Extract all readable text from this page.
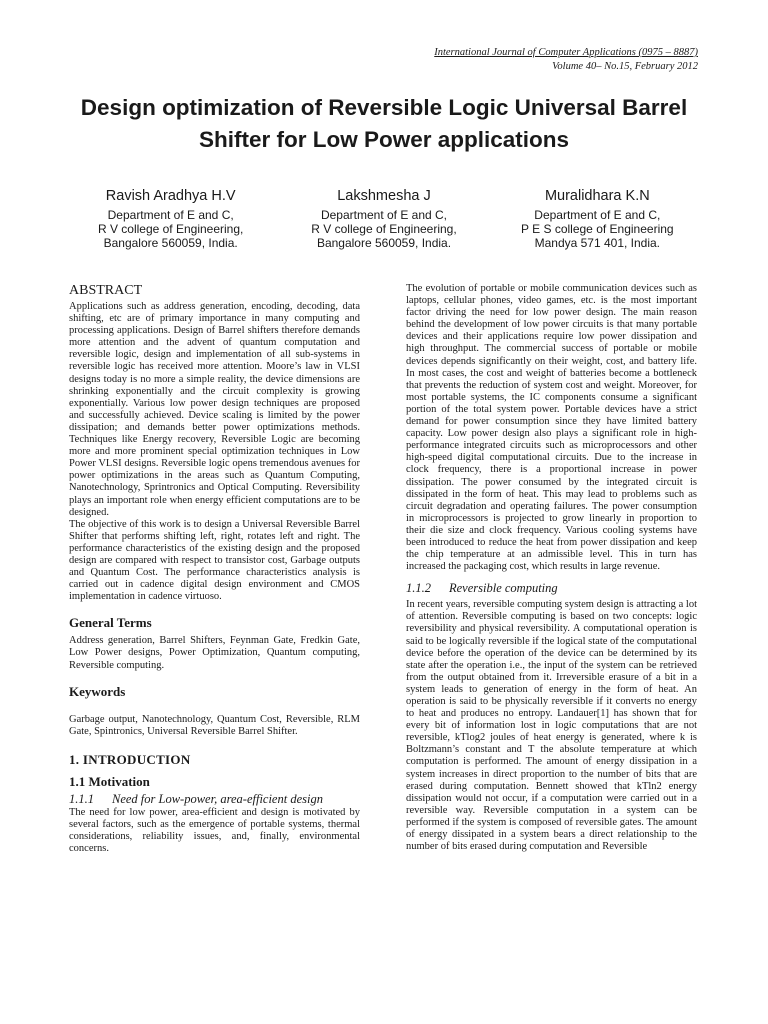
International Journal of Computer Applications (0975 – 8887)
Volume 40– No.15, February 2012
Design optimization of Reversible Logic Universal Barrel Shifter for Low Power applications
Ravish Aradhya H.V
Department of E and C,
R V college of Engineering,
Bangalore 560059, India.
Lakshmesha J
Department of E and C,
R V college of Engineering,
Bangalore 560059, India.
Muralidhara K.N
Department of E and C,
P E S college of Engineering
Mandya 571 401, India.
ABSTRACT

Applications such as address generation, encoding, decoding, data shifting, etc are of primary importance in many computing and processing applications. Design of Barrel shifters therefore demands more attention and the advent of quantum computation and reversible logic, design and implementation of all sub-systems in reversible logic has received more attention. Moore’s law in VLSI designs today is no more a simple reality, the device dimensions are shrinking exponentially and the circuit complexity is growing exponentially. Various low power design techniques are proposed and successfully achieved. Device scaling is limited by the power dissipation; and demands better power optimizations methods. Techniques like Energy recovery, Reversible Logic are becoming more and more prominent special optimization techniques in Low Power VLSI designs. Reversible logic opens tremendous avenues for power optimizations in the areas such as Quantum Computing, Nanotechnology, Sprintronics and Optical Computing. Reversibility plays an important role when energy efficient computations are to be designed.

The objective of this work is to design a Universal Reversible Barrel Shifter that performs shifting left, right, rotates left and right. The performance characteristics of the existing design and the proposed design are compared with respect to transistor cost, Garbage outputs and Quantum Cost. The performance characteristics analysis is carried out in cadence digital design environment and CMOS implementation in cadence virtuoso.

General Terms

Address generation, Barrel Shifters, Feynman Gate, Fredkin Gate, Low Power designs, Power Optimization, Quantum computing, Reversible computing.

Keywords

Garbage output, Nanotechnology, Quantum Cost, Reversible, RLM Gate, Spintronics, Universal Reversible Barrel Shifter.

1. INTRODUCTION
1.1 Motivation
1.1.1 Need for Low-power, area-efficient design

The need for low power, area-efficient and design is motivated by several factors, such as the emergence of portable systems, thermal considerations, reliability issues, and, finally, environmental concerns.

The evolution of portable or mobile communication devices such as laptops, cellular phones, video games, etc. is the most important factor driving the need for low power design. The main reason behind the development of low power circuits is that many portable devices and their applications require low power dissipation and high throughput. The commercial success of portable or mobile devices depends significantly on their weight, cost, and battery life. In most cases, the cost and weight of batteries become a bottleneck that prevents the reduction of system cost and weight. Moreover, for most portable systems, the IC components consume a significant portion of the total system power. Portable devices have a strict demand for power consumption since they have limited battery capacity. Low power design also plays a significant role in high-performance integrated circuits such as microprocessors and other high-speed digital computational circuits. Due to the increase in clock frequency, there is a proportional increase in power dissipation. The power consumed by the integrated circuit is dissipated in the form of heat. This may lead to problems such as circuit degradation and operating failures. The power consumption in microprocessors is projected to grow linearly in proportion to their die size and clock frequency. Various cooling systems have been introduced to reduce the heat from power dissipation and keep the chip temperature at an admissible level. This in turn has increased the packaging cost, which results in large revenue.

1.1.2 Reversible computing

In recent years, reversible computing system design is attracting a lot of attention. Reversible computing is based on two concepts: logic reversibility and physical reversibility. A computational operation is said to be logically reversible if the logical state of the computational device before the operation of the device can be determined by its state after the operation i.e., the input of the system can be retrieved from the output obtained from it. Irreversible erasure of a bit in a system leads to generation of energy in the form of heat. An operation is said to be physically reversible if it converts no energy to heat and produces no entropy. Landauer[1] has shown that for every bit of information lost in logic computations that are not reversible, kTlog2 joules of heat energy is generated, where k is Boltzmann’s constant and T the absolute temperature at which computation is performed. The amount of energy dissipation in a system increases in direct proportion to the number of bits that are erased during computation. Bennett showed that kTln2 energy dissipation would not occur, if a computation were carried out in a reversible way. Reversible computation in a system can be performed if the system is composed of reversible gates. The amount of energy dissipated in a system bears a direct relationship to the number of bits erased during computation and Reversible
